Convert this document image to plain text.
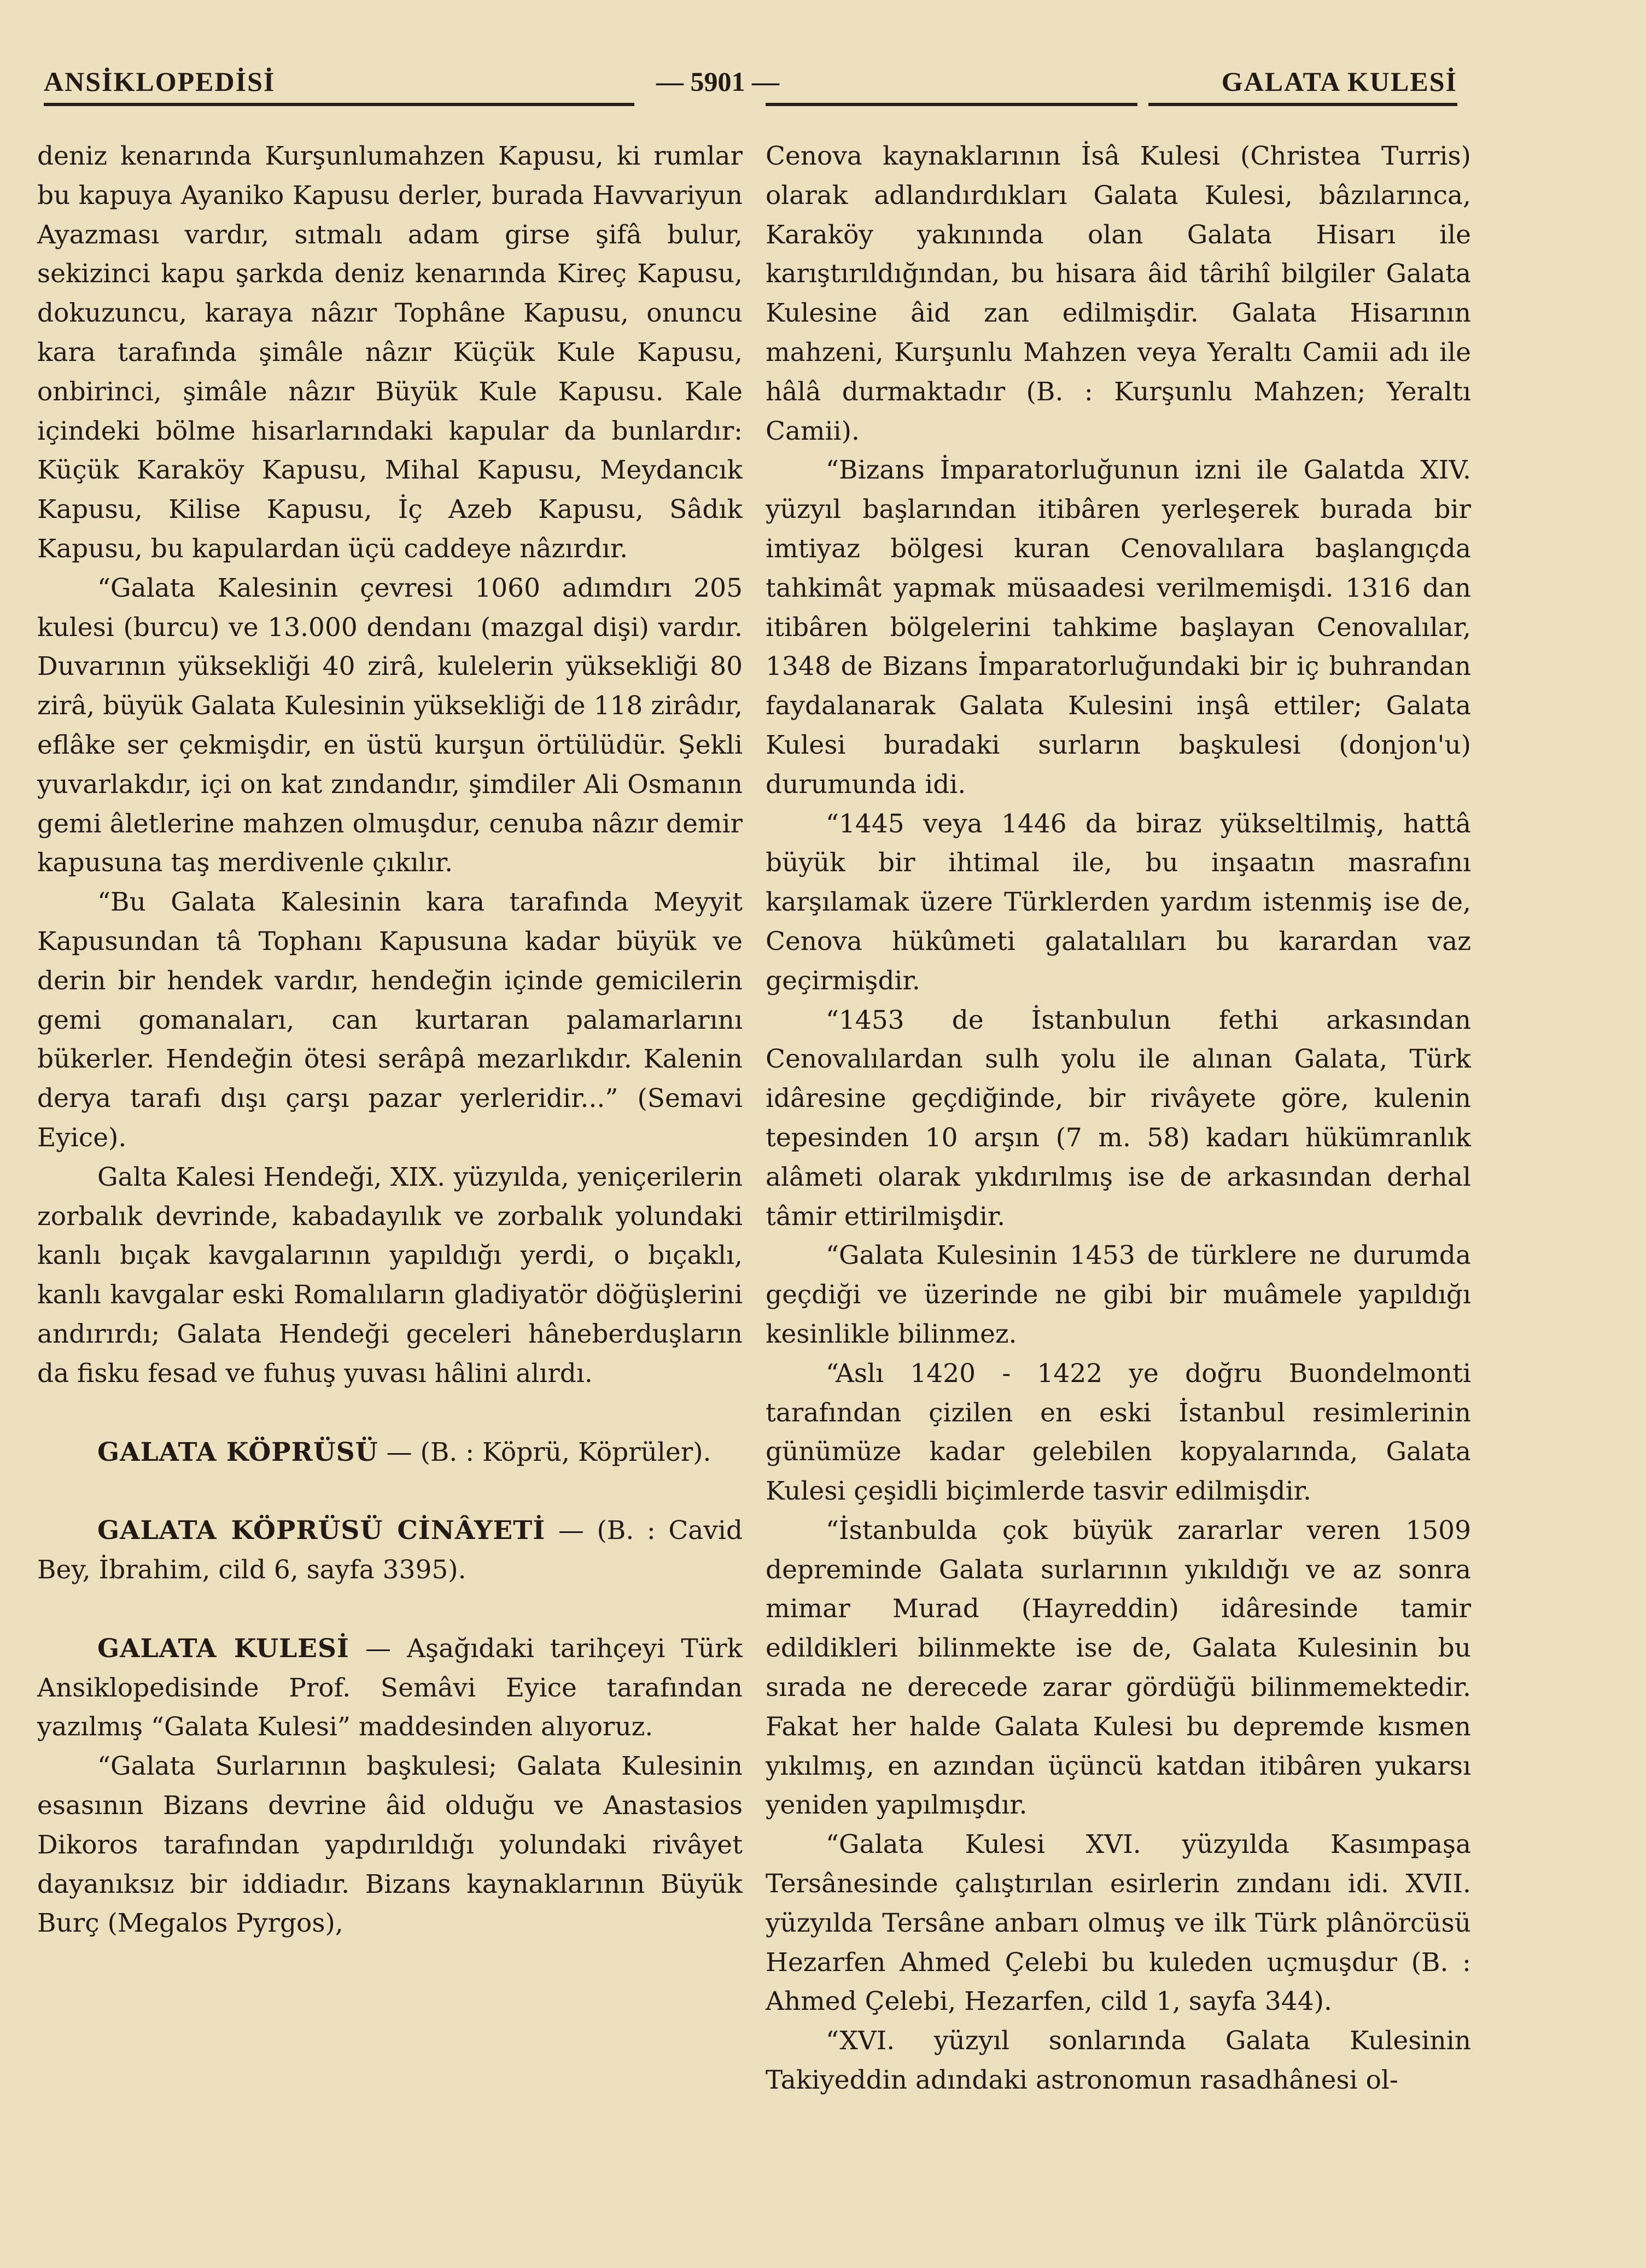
ANSİKLOPEDİSİ	— 5901 —	GALATA KULESİ

deniz kenarında Kurşunlumahzen Kapusu, ki rumlar bu kapuya Ayaniko Kapusu derler, burada Havvariyun Ayazması vardır, sıtmalı adam girse şifâ bulur, sekizinci kapu şarkda deniz kenarında Kireç Kapusu, dokuzuncu, karaya nâzır Tophâne Kapusu, onuncu kara tarafında şimâle nâzır Küçük Kule Kapusu, onbirinci, şimâle nâzır Büyük Kule Kapusu. Kale içindeki bölme hisarlarındaki kapular da bunlardır: Küçük Karaköy Kapusu, Mihal Kapusu, Meydancık Kapusu, Kilise Kapusu, İç Azeb Kapusu, Sâdık Kapusu, bu kapulardan üçü caddeye nâzırdır.

“Galata Kalesinin çevresi 1060 adımdırı 205 kulesi (burcu) ve 13.000 dendanı (mazgal dişi) vardır. Duvarının yüksekliği 40 zirâ, kulelerin yüksekliği 80 zirâ, büyük Galata Kulesinin yüksekliği de 118 zirâdır, eflâke ser çekmişdir, en üstü kurşun örtülüdür. Şekli yuvarlakdır, içi on kat zındandır, şimdiler Ali Osmanın gemi âletlerine mahzen olmuşdur, cenuba nâzır demir kapusuna taş merdivenle çıkılır.

“Bu Galata Kalesinin kara tarafında Meyyit Kapusundan tâ Tophanı Kapusuna kadar büyük ve derin bir hendek vardır, hendeğin içinde gemicilerin gemi gomanaları, can kurtaran palamarlarını bükerler. Hendeğin ötesi serâpâ mezarlıkdır. Kalenin derya tarafı dışı çarşı pazar yerleridir...” (Semavi Eyice).

Galta Kalesi Hendeği, XIX. yüzyılda, yeniçerilerin zorbalık devrinde, kabadayılık ve zorbalık yolundaki kanlı bıçak kavgalarının yapıldığı yerdi, o bıçaklı, kanlı kavgalar eski Romalıların gladiyatör döğüşlerini andırırdı; Galata Hendeği geceleri hâneberduşların da fisku fesad ve fuhuş yuvası hâlini alırdı.

GALATA KÖPRÜSÜ — (B. : Köprü, Köprüler).

GALATA KÖPRÜSÜ CİNÂYETİ — (B. : Cavid Bey, İbrahim, cild 6, sayfa 3395).

GALATA KULESİ — Aşağıdaki tarihçeyi Türk Ansiklopedisinde Prof. Semâvi Eyice tarafından yazılmış “Galata Kulesi” maddesinden alıyoruz.

“Galata Surlarının başkulesi; Galata Kulesinin esasının Bizans devrine âid olduğu ve Anastasios Dikoros tarafından yapdırıldığı yolundaki rivâyet dayanıksız bir iddiadır. Bizans kaynaklarının Büyük Burç (Megalos Pyrgos),

Cenova kaynaklarının İsâ Kulesi (Christea Turris) olarak adlandırdıkları Galata Kulesi, bâzılarınca, Karaköy yakınında olan Galata Hisarı ile karıştırıldığından, bu hisara âid târihî bilgiler Galata Kulesine âid zan edilmişdir. Galata Hisarının mahzeni, Kurşunlu Mahzen veya Yeraltı Camii adı ile hâlâ durmaktadır (B. : Kurşunlu Mahzen; Yeraltı Camii).

“Bizans İmparatorluğunun izni ile Galatda XIV. yüzyıl başlarından itibâren yerleşerek burada bir imtiyaz bölgesi kuran Cenovalılara başlangıçda tahkimât yapmak müsaadesi verilmemişdi. 1316 dan itibâren bölgelerini tahkime başlayan Cenovalılar, 1348 de Bizans İmparatorluğundaki bir iç buhrandan faydalanarak Galata Kulesini inşâ ettiler; Galata Kulesi buradaki surların başkulesi (donjon'u) durumunda idi.

“1445 veya 1446 da biraz yükseltilmiş, hattâ büyük bir ihtimal ile, bu inşaatın masrafını karşılamak üzere Türklerden yardım istenmiş ise de, Cenova hükûmeti galatalıları bu karardan vaz geçirmişdir.

“1453 de İstanbulun fethi arkasından Cenovalılardan sulh yolu ile alınan Galata, Türk idâresine geçdiğinde, bir rivâyete göre, kulenin tepesinden 10 arşın (7 m. 58) kadarı hükümranlık alâmeti olarak yıkdırılmış ise de arkasından derhal tâmir ettirilmişdir.

“Galata Kulesinin 1453 de türklere ne durumda geçdiği ve üzerinde ne gibi bir muâmele yapıldığı kesinlikle bilinmez.

“Aslı 1420 - 1422 ye doğru Buondelmonti tarafından çizilen en eski İstanbul resimlerinin günümüze kadar gelebilen kopyalarında, Galata Kulesi çeşidli biçimlerde tasvir edilmişdir.

“İstanbulda çok büyük zararlar veren 1509 depreminde Galata surlarının yıkıldığı ve az sonra mimar Murad (Hayreddin) idâresinde tamir edildikleri bilinmekte ise de, Galata Kulesinin bu sırada ne derecede zarar gördüğü bilinmemektedir. Fakat her halde Galata Kulesi bu depremde kısmen yıkılmış, en azından üçüncü katdan itibâren yukarsı yeniden yapılmışdır.

“Galata Kulesi XVI. yüzyılda Kasımpaşa Tersânesinde çalıştırılan esirlerin zındanı idi. XVII. yüzyılda Tersâne anbarı olmuş ve ilk Türk plânörcüsü Hezarfen Ahmed Çelebi bu kuleden uçmuşdur (B. : Ahmed Çelebi, Hezarfen, cild 1, sayfa 344).

“XVI. yüzyıl sonlarında Galata Kulesinin Takiyeddin adındaki astronomun rasadhânesi ol-
